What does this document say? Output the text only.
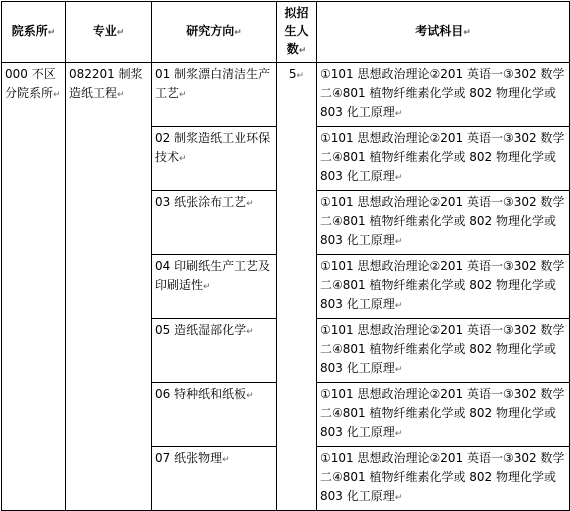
院系所↵	专业↵	研究方向↵	拟招生人数↵	考试科目↵
000 不区分院系所↵	082201 制浆造纸工程↵	01 制浆漂白清洁生产工艺↵	5↵	①101 思想政治理论②201 英语一③302 数学二④801 植物纤维素化学或 802 物理化学或 803 化工原理↵
		02 制浆造纸工业环保技术↵		①101 思想政治理论②201 英语一③302 数学二④801 植物纤维素化学或 802 物理化学或 803 化工原理↵
		03 纸张涂布工艺↵		①101 思想政治理论②201 英语一③302 数学二④801 植物纤维素化学或 802 物理化学或 803 化工原理↵
		04 印刷纸生产工艺及印刷适性↵		①101 思想政治理论②201 英语一③302 数学二④801 植物纤维素化学或 802 物理化学或 803 化工原理↵
		05 造纸湿部化学↵		①101 思想政治理论②201 英语一③302 数学二④801 植物纤维素化学或 802 物理化学或 803 化工原理↵
		06 特种纸和纸板↵		①101 思想政治理论②201 英语一③302 数学二④801 植物纤维素化学或 802 物理化学或 803 化工原理↵
		07 纸张物理↵		①101 思想政治理论②201 英语一③302 数学二④801 植物纤维素化学或 802 物理化学或 803 化工原理↵
